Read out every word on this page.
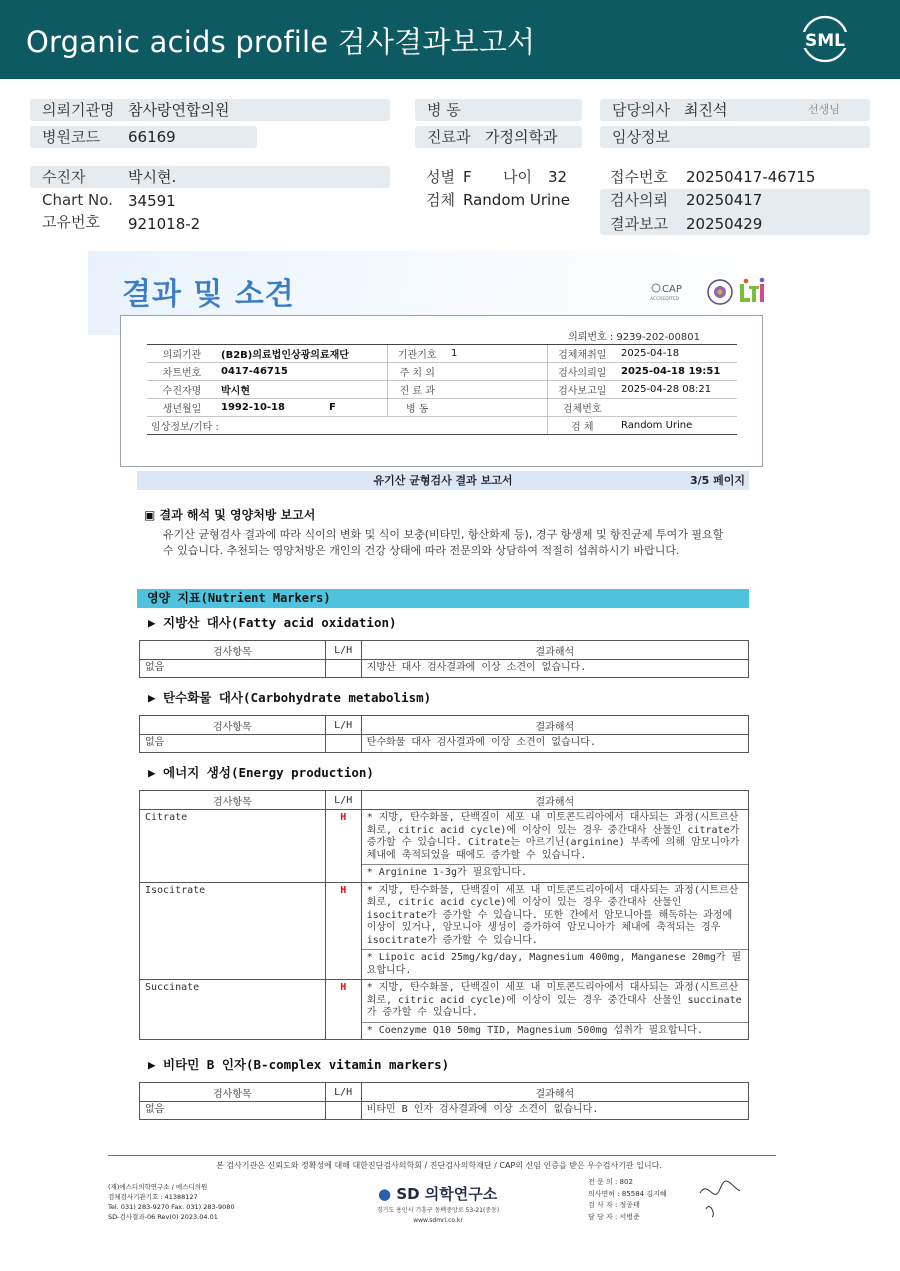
Organic acids profile 검사결과보고서	SML
의뢰기관명 참사랑연합의원
병원코드 66169
병 동
진료과 가정의학과
담당의사 최진석	선생님
임상정보
수진자	박시현.
Chart No. 34591
고유번호 921018-2
성별 F 나이 32
검체 Random Urine
접수번호 20250417-46715
검사의뢰 20250417
결과보고 20250429
결과 및 소견	CAP
ACCREDITED
의뢰번호 : 9239-202-00801
의뢰기관	(B2B)의료법인상광의료재단	기관기호	1	검체채취일	2025-04-18
차트번호	0417-46715	주 치 의		검사의뢰일	2025-04-18 19:51
수진자명	박시현	진 료 과		검사보고일	2025-04-28 08:21
생년월일	1992-10-18 F	병 동		검체번호	
임상정보/기타 :				검 체	Random Urine
유기산 균형검사 결과 보고서	3/5 페이지
▣ 결과 해석 및 영양처방 보고서
유기산 균형검사 결과에 따라 식이의 변화 및 식이 보충(비타민, 항산화제 등), 경구 항생제 및 항진균제 투여가 필요할 수 있습니다. 추천되는 영양처방은 개인의 건강 상태에 따라 전문의와 상담하여 적절히 섭취하시기 바랍니다.
영양 지표(Nutrient Markers)
▶ 지방산 대사(Fatty acid oxidation)
검사항목	L/H	결과해석
없음		지방산 대사 검사결과에 이상 소견이 없습니다.
▶ 탄수화물 대사(Carbohydrate metabolism)
검사항목	L/H	결과해석
없음		탄수화물 대사 검사결과에 이상 소견이 없습니다.
▶ 에너지 생성(Energy production)
검사항목	L/H	결과해석
Citrate	H	* 지방, 탄수화물, 단백질이 세포 내 미토콘드리아에서 대사되는 과정(시트르산 회로, citric acid cycle)에 이상이 있는 경우 중간대사 산물인 citrate가 증가할 수 있습니다. Citrate는 아르기닌(arginine) 부족에 의해 암모니아가 체내에 축적되었을 때에도 증가할 수 있습니다.
* Arginine 1-3g가 필요합니다.

Isocitrate	H	* 지방, 탄수화물, 단백질이 세포 내 미토콘드리아에서 대사되는 과정(시트르산 회로, citric acid cycle)에 이상이 있는 경우 중간대사 산물인 isocitrate가 증가할 수 있습니다. 또한 간에서 암모니아를 해독하는 과정에 이상이 있거나, 암모니아 생성이 증가하여 암모니아가 체내에 축적되는 경우 isocitrate가 증가할 수 있습니다.
* Lipoic acid 25mg/kg/day, Magnesium 400mg, Manganese 20mg가 필요합니다.

Succinate	H	* 지방, 탄수화물, 단백질이 세포 내 미토콘드리아에서 대사되는 과정(시트르산 회로, citric acid cycle)에 이상이 있는 경우 중간대사 산물인 succinate가 증가할 수 있습니다.
* Coenzyme Q10 50mg TID, Magnesium 500mg 섭취가 필요합니다.
▶ 비타민 B 인자(B-complex vitamin markers)
검사항목	L/H	결과해석
없음		비타민 B 인자 검사결과에 이상 소견이 없습니다.
본 검사기관은 신뢰도와 정확성에 대해 대한진단검사의학회 / 진단검사의학재단 / CAP의 신임 인증을 받은 우수검사기관 입니다.
(재)에스디의학연구소 / 에스디의원
검체검사기관기호 : 41388127
Tel. 031) 283-9270 Fax. 031) 283-9080
SD-검사결과-06 Rev(0) 2023.04.01
● SD 의학연구소
경기도 용인시 기흥구 동백중앙로 53-21(중동)
www.sdmri.co.kr
전 문 의 : 802
의사면허 : 85584 김지혜
검 사 자 : 정종태
담 당 자 : 서병준
